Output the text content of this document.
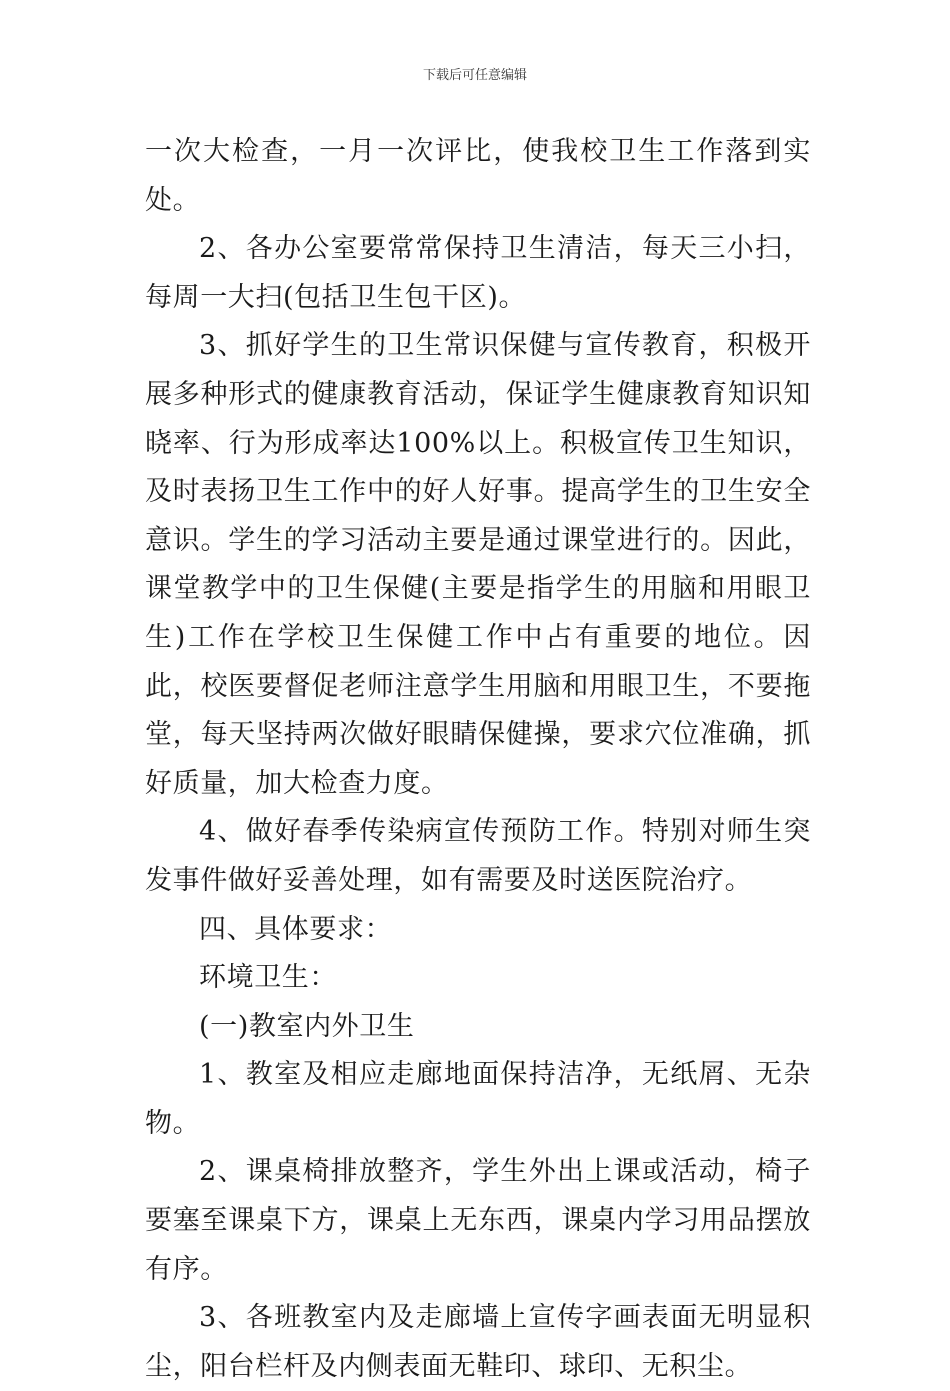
下载后可任意编辑

一次大检查，一月一次评比，使我校卫生工作落到实处。

2、各办公室要常常保持卫生清洁，每天三小扫，每周一大扫(包括卫生包干区)。

3、抓好学生的卫生常识保健与宣传教育，积极开展多种形式的健康教育活动，保证学生健康教育知识知晓率、行为形成率达100%以上。积极宣传卫生知识，及时表扬卫生工作中的好人好事。提高学生的卫生安全意识。学生的学习活动主要是通过课堂进行的。因此，课堂教学中的卫生保健(主要是指学生的用脑和用眼卫生)工作在学校卫生保健工作中占有重要的地位。因此，校医要督促老师注意学生用脑和用眼卫生，不要拖堂，每天坚持两次做好眼睛保健操，要求穴位准确，抓好质量，加大检查力度。

4、做好春季传染病宣传预防工作。特别对师生突发事件做好妥善处理，如有需要及时送医院治疗。

四、具体要求：

环境卫生：

(一)教室内外卫生

1、教室及相应走廊地面保持洁净，无纸屑、无杂物。

2、课桌椅排放整齐，学生外出上课或活动，椅子要塞至课桌下方，课桌上无东西，课桌内学习用品摆放有序。

3、各班教室内及走廊墙上宣传字画表面无明显积尘，阳台栏杆及内侧表面无鞋印、球印、无积尘。
